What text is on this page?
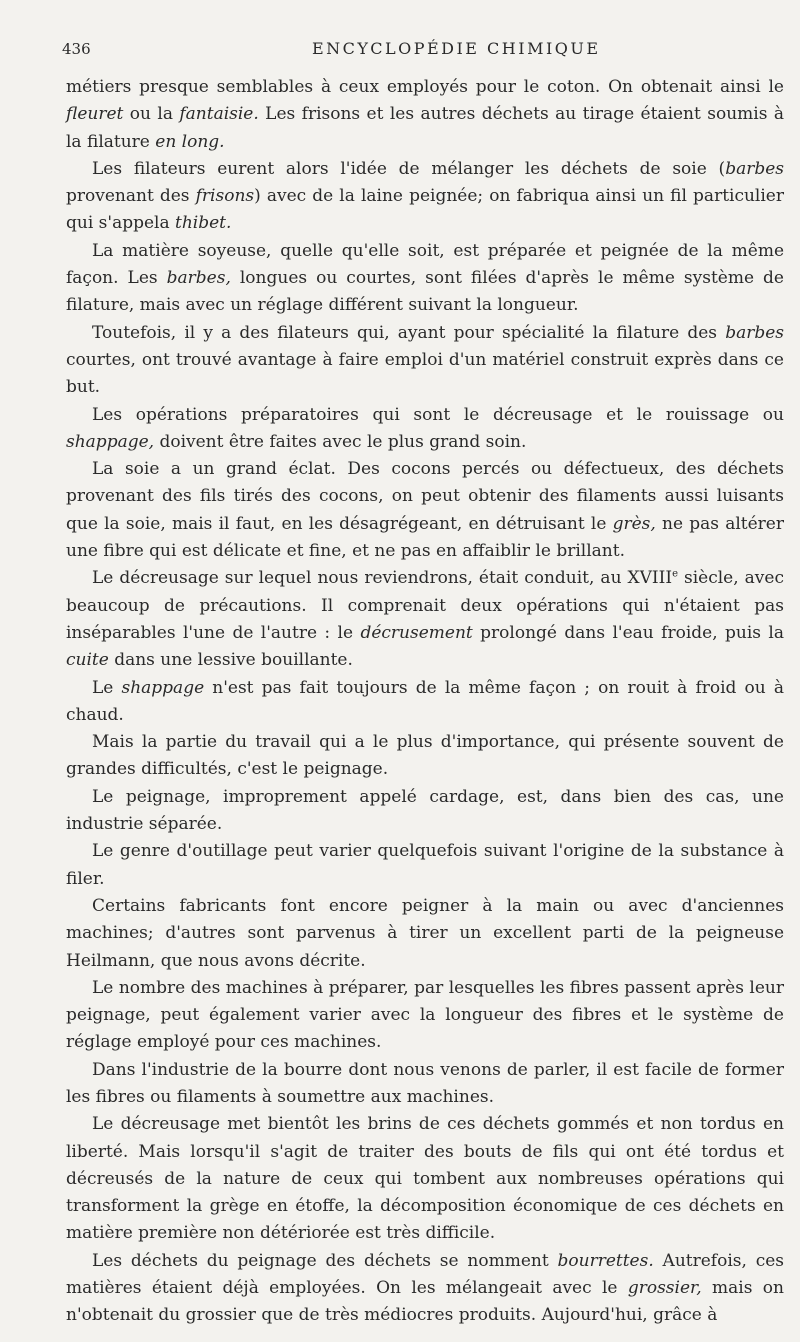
436	ENCYCLOPÉDIE CHIMIQUE

métiers presque semblables à ceux employés pour le coton. On obtenait ainsi le fleuret ou la fantaisie. Les frisons et les autres déchets au tirage étaient soumis à la filature en long.

Les filateurs eurent alors l'idée de mélanger les déchets de soie (barbes provenant des frisons) avec de la laine peignée; on fabriqua ainsi un fil particulier qui s'appela thibet.

La matière soyeuse, quelle qu'elle soit, est préparée et peignée de la même façon. Les barbes, longues ou courtes, sont filées d'après le même système de filature, mais avec un réglage différent suivant la longueur.

Toutefois, il y a des filateurs qui, ayant pour spécialité la filature des barbes courtes, ont trouvé avantage à faire emploi d'un matériel construit exprès dans ce but.

Les opérations préparatoires qui sont le décreusage et le rouissage ou shappage, doivent être faites avec le plus grand soin.

La soie a un grand éclat. Des cocons percés ou défectueux, des déchets provenant des fils tirés des cocons, on peut obtenir des filaments aussi luisants que la soie, mais il faut, en les désagrégeant, en détruisant le grès, ne pas altérer une fibre qui est délicate et fine, et ne pas en affaiblir le brillant.

Le décreusage sur lequel nous reviendrons, était conduit, au XVIIIe siècle, avec beaucoup de précautions. Il comprenait deux opérations qui n'étaient pas inséparables l'une de l'autre : le décrusement prolongé dans l'eau froide, puis la cuite dans une lessive bouillante.

Le shappage n'est pas fait toujours de la même façon ; on rouit à froid ou à chaud.

Mais la partie du travail qui a le plus d'importance, qui présente souvent de grandes difficultés, c'est le peignage.

Le peignage, improprement appelé cardage, est, dans bien des cas, une industrie séparée.

Le genre d'outillage peut varier quelquefois suivant l'origine de la substance à filer.

Certains fabricants font encore peigner à la main ou avec d'anciennes machines; d'autres sont parvenus à tirer un excellent parti de la peigneuse Heilmann, que nous avons décrite.

Le nombre des machines à préparer, par lesquelles les fibres passent après leur peignage, peut également varier avec la longueur des fibres et le système de réglage employé pour ces machines.

Dans l'industrie de la bourre dont nous venons de parler, il est facile de former les fibres ou filaments à soumettre aux machines.

Le décreusage met bientôt les brins de ces déchets gommés et non tordus en liberté. Mais lorsqu'il s'agit de traiter des bouts de fils qui ont été tordus et décreusés de la nature de ceux qui tombent aux nombreuses opérations qui transforment la grège en étoffe, la décomposition économique de ces déchets en matière première non détériorée est très difficile.

Les déchets du peignage des déchets se nomment bourrettes. Autrefois, ces matières étaient déjà employées. On les mélangeait avec le grossier, mais on n'obtenait du grossier que de très médiocres produits. Aujourd'hui, grâce à
